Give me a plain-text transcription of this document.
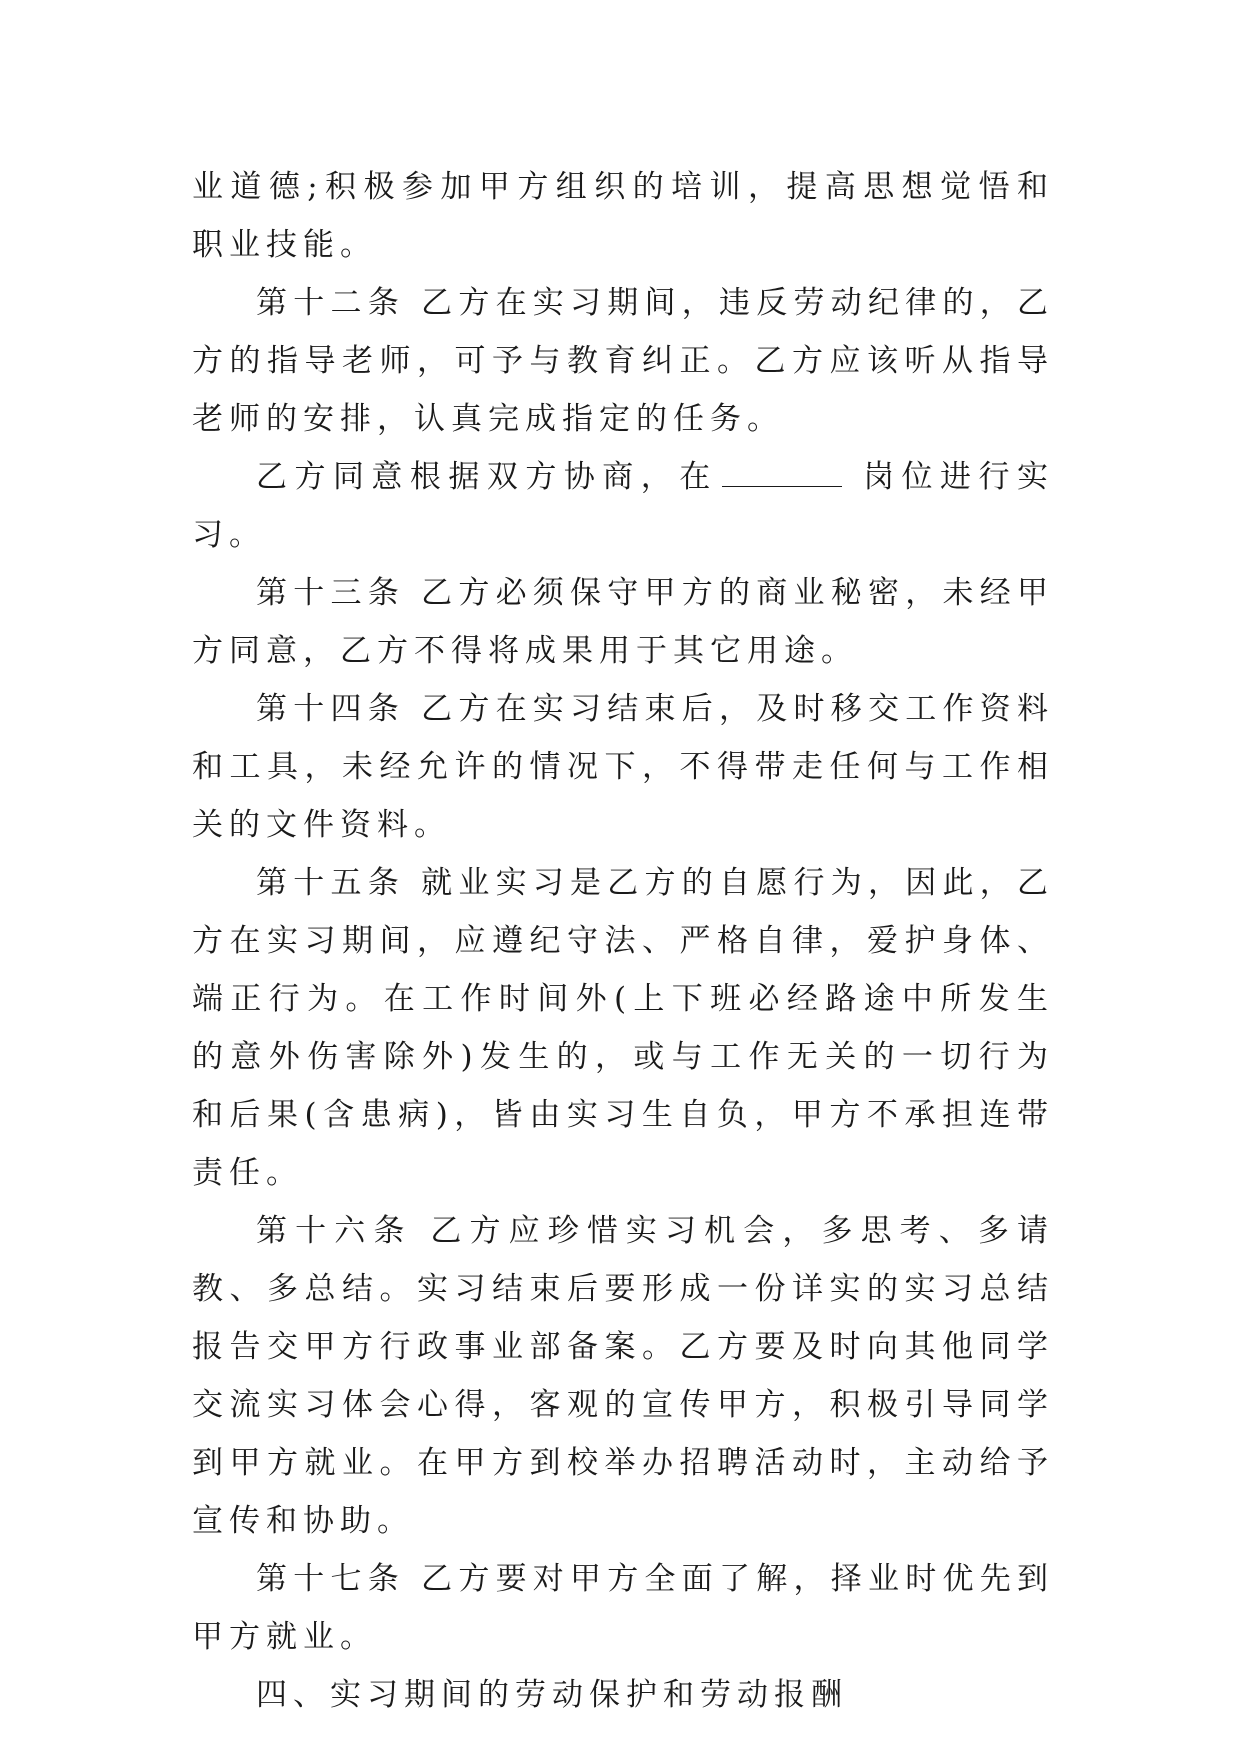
业道德;积极参加甲方组织的培训，提高思想觉悟和职业技能。

第十二条 乙方在实习期间，违反劳动纪律的，乙方的指导老师，可予与教育纠正。乙方应该听从指导老师的安排，认真完成指定的任务。

乙方同意根据双方协商，在	岗位进行实习。

第十三条 乙方必须保守甲方的商业秘密，未经甲方同意，乙方不得将成果用于其它用途。

第十四条 乙方在实习结束后，及时移交工作资料和工具，未经允许的情况下，不得带走任何与工作相关的文件资料。

第十五条 就业实习是乙方的自愿行为，因此，乙方在实习期间，应遵纪守法、严格自律，爱护身体、端正行为。在工作时间外(上下班必经路途中所发生的意外伤害除外)发生的，或与工作无关的一切行为和后果(含患病)，皆由实习生自负，甲方不承担连带责任。

第十六条 乙方应珍惜实习机会，多思考、多请教、多总结。实习结束后要形成一份详实的实习总结报告交甲方行政事业部备案。乙方要及时向其他同学交流实习体会心得，客观的宣传甲方，积极引导同学到甲方就业。在甲方到校举办招聘活动时，主动给予宣传和协助。

第十七条 乙方要对甲方全面了解，择业时优先到甲方就业。

四、实习期间的劳动保护和劳动报酬
